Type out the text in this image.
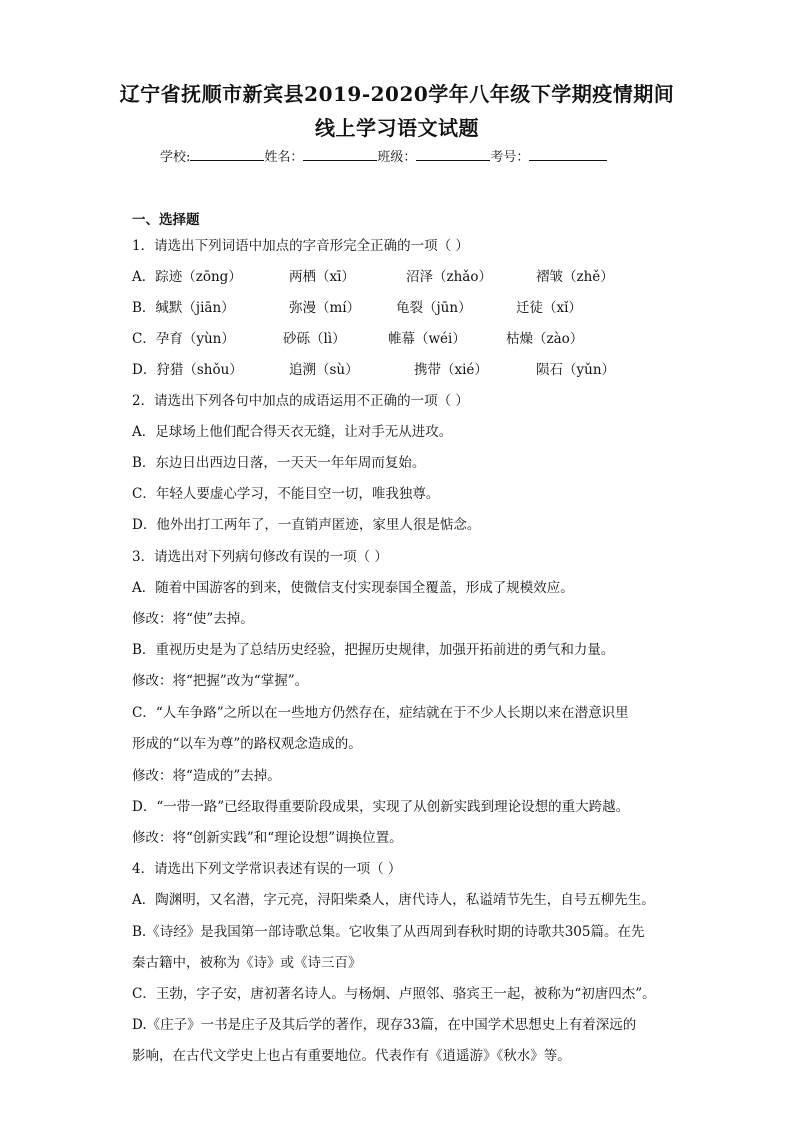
辽宁省抚顺市新宾县2019-2020学年八年级下学期疫情期间
线上学习语文试题
学校:	姓名：	班级：	考号：
一、选择题
1．请选出下列词语中加点的字音形完全正确的一项（ ）
A．踪迹（zōng）	两栖（xī）	沼泽（zhǎo）	褶皱（zhě）
B．缄默（jiān）	弥漫（mí）	龟裂（jūn）	迁徒（xǐ）
C．孕育（yùn）	砂砾（lì）	帷幕（wéi）	枯燥（zào）
D．狩猎（shǒu）	追溯（sù）	携带（xié）	陨石（yǔn）
2．请选出下列各句中加点的成语运用不正确的一项（ ）
A．足球场上他们配合得天衣无缝，让对手无从进攻。
B．东边日出西边日落，一天天一年年周而复始。
C．年轻人要虚心学习，不能目空一切，唯我独尊。
D．他外出打工两年了，一直销声匿迹，家里人很是惦念。
3．请选出对下列病句修改有误的一项（ ）
A．随着中国游客的到来，使微信支付实现泰国全覆盖，形成了规模效应。
修改：将“使”去掉。
B．重视历史是为了总结历史经验，把握历史规律，加强开拓前进的勇气和力量。
修改：将“把握”改为“掌握”。
C．“人车争路”之所以在一些地方仍然存在，症结就在于不少人长期以来在潜意识里
形成的“以车为尊”的路权观念造成的。
修改：将“造成的”去掉。
D．“一带一路”已经取得重要阶段成果，实现了从创新实践到理论设想的重大跨越。
修改：将“创新实践”和“理论设想”调换位置。
4．请选出下列文学常识表述有误的一项（ ）
A．陶渊明，又名潜，字元亮，浔阳柴桑人，唐代诗人，私谥靖节先生，自号五柳先生。
B.《诗经》是我国第一部诗歌总集。它收集了从西周到春秋时期的诗歌共305篇。在先
秦古籍中，被称为《诗》或《诗三百》
C．王勃，字子安，唐初著名诗人。与杨炯、卢照邻、骆宾王一起，被称为“初唐四杰”。
D.《庄子》一书是庄子及其后学的著作，现存33篇，在中国学术思想史上有着深远的
影响，在古代文学史上也占有重要地位。代表作有《逍遥游》《秋水》等。
